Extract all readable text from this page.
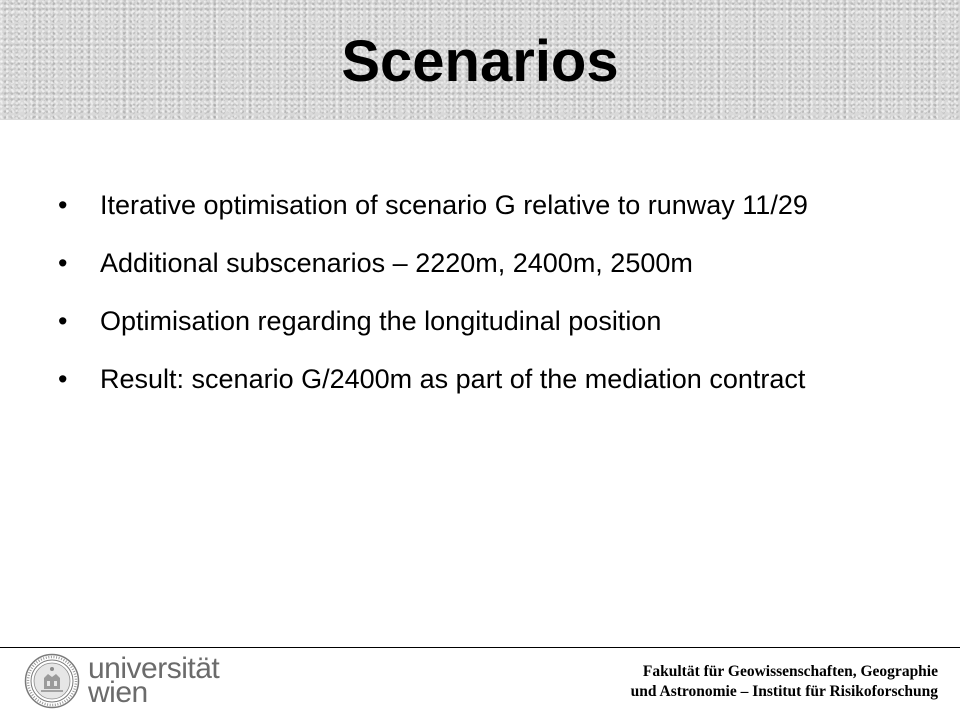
Scenarios
• Iterative optimisation of scenario G relative to runway 11/29
• Additional subscenarios – 2220m, 2400m, 2500m
• Optimisation regarding the longitudinal position
• Result: scenario G/2400m as part of the mediation contract
universität
wien
Fakultät für Geowissenschaften, Geographie
und Astronomie – Institut für Risikoforschung
